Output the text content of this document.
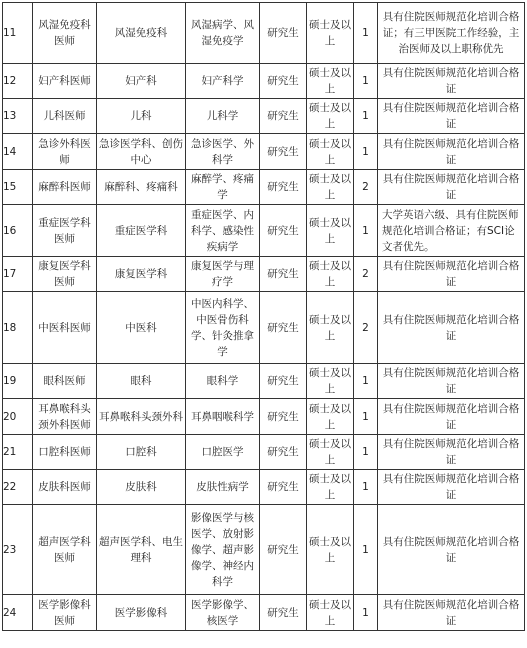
11	风湿免疫科医师	风湿免疫科	风湿病学、风湿免疫学	研究生	硕士及以上	1	具有住院医师规范化培训合格证；有三甲医院工作经验，主治医师及以上职称优先
12	妇产科医师	妇产科	妇产科学	研究生	硕士及以上	1	具有住院医师规范化培训合格证
13	儿科医师	儿科	儿科学	研究生	硕士及以上	1	具有住院医师规范化培训合格证
14	急诊外科医师	急诊医学科、创伤中心	急诊医学、外科学	研究生	硕士及以上	1	具有住院医师规范化培训合格证
15	麻醉科医师	麻醉科、疼痛科	麻醉学、疼痛学	研究生	硕士及以上	2	具有住院医师规范化培训合格证
16	重症医学科医师	重症医学科	重症医学、内科学、感染性疾病学	研究生	硕士及以上	1	大学英语六级、具有住院医师规范化培训合格证；有SCI论文者优先。
17	康复医学科医师	康复医学科	康复医学与理疗学	研究生	硕士及以上	2	具有住院医师规范化培训合格证
18	中医科医师	中医科	中医内科学、中医骨伤科学、针灸推拿学	研究生	硕士及以上	2	具有住院医师规范化培训合格证
19	眼科医师	眼科	眼科学	研究生	硕士及以上	1	具有住院医师规范化培训合格证
20	耳鼻喉科头颈外科医师	耳鼻喉科头颈外科	耳鼻咽喉科学	研究生	硕士及以上	1	具有住院医师规范化培训合格证
21	口腔科医师	口腔科	口腔医学	研究生	硕士及以上	1	具有住院医师规范化培训合格证
22	皮肤科医师	皮肤科	皮肤性病学	研究生	硕士及以上	1	具有住院医师规范化培训合格证
23	超声医学科医师	超声医学科、电生理科	影像医学与核医学、放射影像学、超声影像学、神经内科学	研究生	硕士及以上	1	具有住院医师规范化培训合格证
24	医学影像科医师	医学影像科	医学影像学、核医学	研究生	硕士及以上	1	具有住院医师规范化培训合格证
